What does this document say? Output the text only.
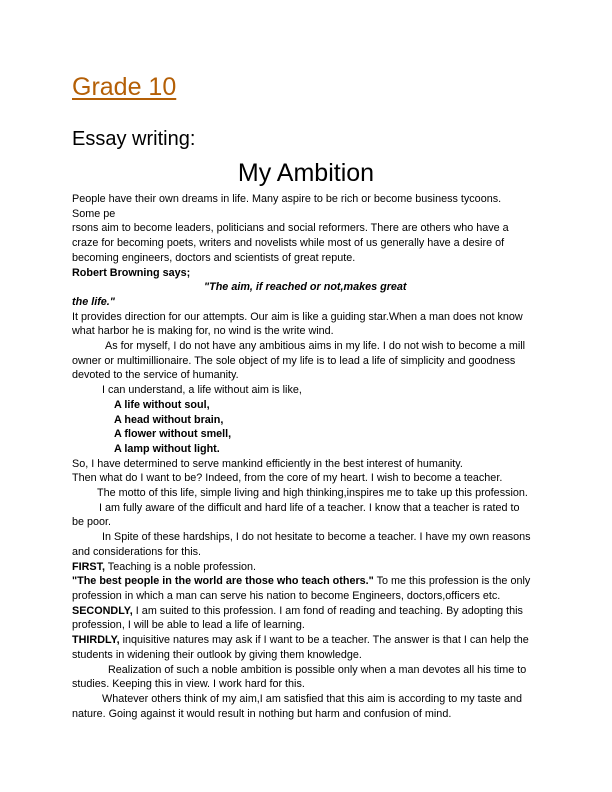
Grade 10
Essay writing:
My Ambition

People have their own dreams in life. Many aspire to be rich or become business tycoons.

Some pe

rsons aim to become leaders, politicians and social reformers. There are others who have a

craze for becoming poets, writers and novelists while most of us generally have a desire of

becoming engineers, doctors and scientists of great repute.

Robert Browning says;

"The aim, if reached or not,makes great

the life."

It provides direction for our attempts. Our aim is like a guiding star.When a man does not know

what harbor he is making for, no wind is the write wind.

As for myself, I do not have any ambitious aims in my life. I do not wish to become a mill

owner or multimillionaire. The sole object of my life is to lead a life of simplicity and goodness

devoted to the service of humanity.

I can understand, a life without aim is like,

A life without soul,

A head without brain,

A flower without smell,

A lamp without light.

So, I have determined to serve mankind efficiently in the best interest of humanity.

Then what do I want to be? Indeed, from the core of my heart. I wish to become a teacher.

The motto of this life, simple living and high thinking,inspires me to take up this profession.

I am fully aware of the difficult and hard life of a teacher. I know that a teacher is rated to

be poor.

In Spite of these hardships, I do not hesitate to become a teacher. I have my own reasons

and considerations for this.

FIRST, Teaching is a noble profession.

"The best people in the world are those who teach others." To me this profession is the only

profession in which a man can serve his nation to become Engineers, doctors,officers etc.

SECONDLY, I am suited to this profession. I am fond of reading and teaching. By adopting this

profession, I will be able to lead a life of learning.

THIRDLY, inquisitive natures may ask if I want to be a teacher. The answer is that I can help the

students in widening their outlook by giving them knowledge.

Realization of such a noble ambition is possible only when a man devotes all his time to

studies. Keeping this in view. I work hard for this.

Whatever others think of my aim,I am satisfied that this aim is according to my taste and

nature. Going against it would result in nothing but harm and confusion of mind.
